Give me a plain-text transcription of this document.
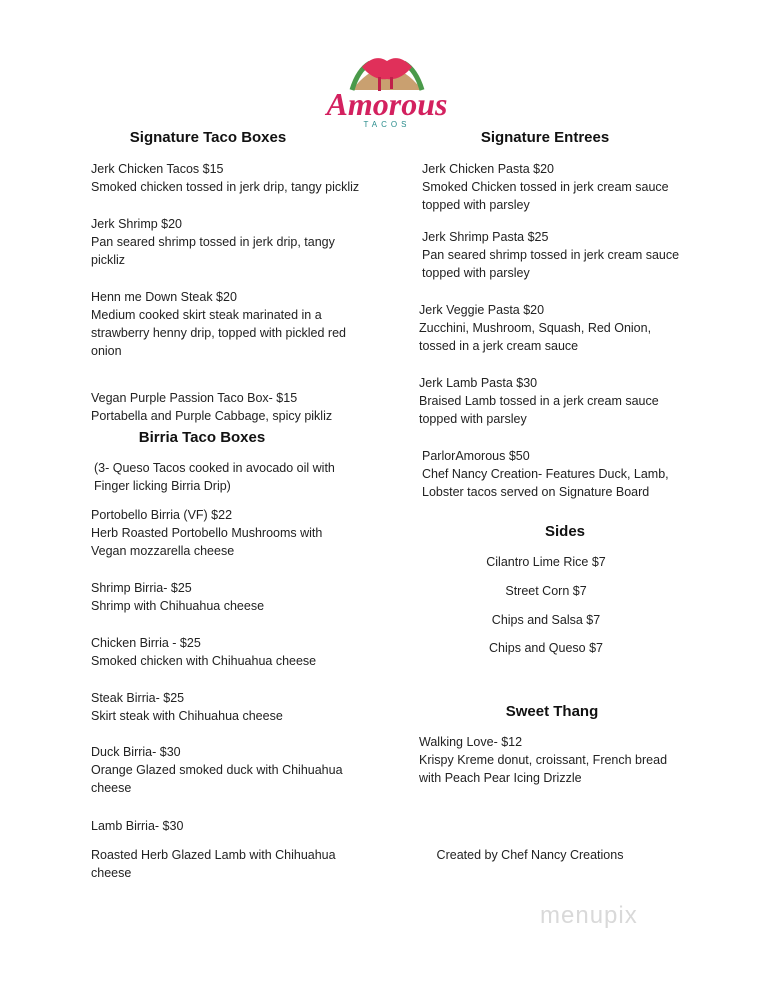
Amorous
TACOS
Signature Taco Boxes	Signature Entrees
Jerk Chicken Tacos $15
Smoked chicken tossed in jerk drip, tangy pickliz
Jerk Shrimp $20
Pan seared shrimp tossed in jerk drip, tangy
pickliz
Henn me Down Steak $20
Medium cooked skirt steak marinated in a
strawberry henny drip, topped with pickled red
onion
Vegan Purple Passion Taco Box- $15
Portabella and Purple Cabbage, spicy pikliz
Birria Taco Boxes
(3- Queso Tacos cooked in avocado oil with
Finger licking Birria Drip)
Portobello Birria (VF) $22
Herb Roasted Portobello Mushrooms with
Vegan mozzarella cheese
Shrimp Birria- $25
Shrimp with Chihuahua cheese
Chicken Birria - $25
Smoked chicken with Chihuahua cheese
Steak Birria- $25
Skirt steak with Chihuahua cheese
Duck Birria- $30
Orange Glazed smoked duck with Chihuahua
cheese
Lamb Birria- $30
Roasted Herb Glazed Lamb with Chihuahua
cheese
Jerk Chicken Pasta $20
Smoked Chicken tossed in jerk cream sauce
topped with parsley
Jerk Shrimp Pasta $25
Pan seared shrimp tossed in jerk cream sauce
topped with parsley
Jerk Veggie Pasta $20
Zucchini, Mushroom, Squash, Red Onion,
tossed in a jerk cream sauce
Jerk Lamb Pasta $30
Braised Lamb tossed in a jerk cream sauce
topped with parsley
ParlorAmorous $50
Chef Nancy Creation- Features Duck, Lamb,
Lobster tacos served on Signature Board
Sides
Cilantro Lime Rice $7
Street Corn $7
Chips and Salsa $7
Chips and Queso $7
Sweet Thang
Walking Love- $12
Krispy Kreme donut, croissant, French bread
with Peach Pear Icing Drizzle
Created by Chef Nancy Creations
menupix
